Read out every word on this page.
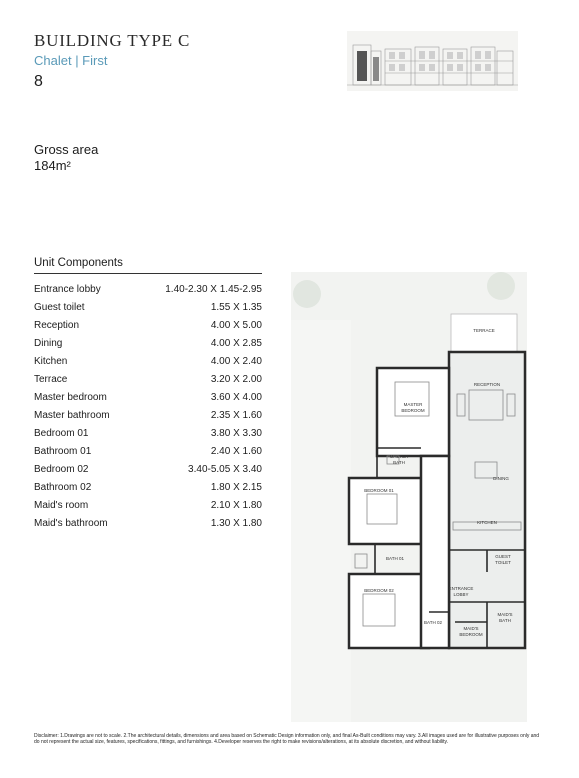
BUILDING TYPE C
Chalet | First
8
Gross area
184m²
Unit Components
Entrance lobby	1.40-2.30 X 1.45-2.95
Guest toilet	1.55 X 1.35
Reception	4.00 X 5.00
Dining	4.00 X 2.85
Kitchen	4.00 X 2.40
Terrace	3.20 X 2.00
Master bedroom	3.60 X 4.00
Master bathroom	2.35 X 1.60
Bedroom 01	3.80 X 3.30
Bathroom 01	2.40 X 1.60
Bedroom 02	3.40-5.05 X 3.40
Bathroom 02	1.80 X 2.15
Maid's room	2.10 X 1.80
Maid's bathroom	1.30 X 1.80
TERRACE
RECEPTION
MASTER
BEDROOM
MASTER
BATH
DINING
BEDROOM 01
KITCHEN
BATH 01	GUEST
TOILET
BEDROOM 02	ENTRANCE
LOBBY
MAID'S
BATH
BATH 02
MAID'S
BEDROOM
Disclaimer: 1.Drawings are not to scale. 2.The architectural details, dimensions and area based on Schematic Design information only, and final As-Built conditions may vary. 3.All images used are for illustrative purposes only and do not represent the actual size, features, specifications, fittings, and furnishings. 4.Developer reserves the right to make revisions/alterations, at its absolute discretion, and without liability.
